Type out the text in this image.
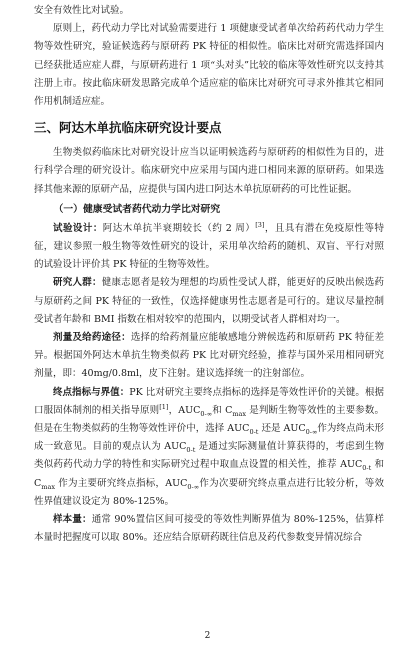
安全有效性比对试验。

原则上，药代动力学比对试验需要进行 1 项健康受试者单次给药药代动力学生物等效性研究，验证候选药与原研药 PK 特征的相似性。临床比对研究需选择国内已经获批适应症人群，与原研药进行 1 项“头对头”比较的临床等效性研究以支持其注册上市。按此临床研发思路完成单个适应症的临床比对研究可寻求外推其它相同作用机制适应症。

三、阿达木单抗临床研究设计要点

生物类似药临床比对研究设计应当以证明候选药与原研药的相似性为目的，进行科学合理的研究设计。临床研究中应采用与国内进口相同来源的原研药。如果选择其他来源的原研产品，应提供与国内进口阿达木单抗原研药的可比性证据。

（一）健康受试者药代动力学比对研究

试验设计：阿达木单抗半衰期较长（约 2 周）[3]，且具有潜在免疫原性等特征，建议参照一般生物等效性研究的设计，采用单次给药的随机、双盲、平行对照的试验设计评价其 PK 特征的生物等效性。

研究人群：健康志愿者是较为理想的均质性受试人群，能更好的反映出候选药与原研药之间 PK 特征的一致性，仅选择健康男性志愿者是可行的。建议尽量控制受试者年龄和 BMI 指数在相对较窄的范围内，以期受试者人群相对均一。

剂量及给药途径：选择的给药剂量应能敏感地分辨候选药和原研药 PK 特征差异。根据国外阿达木单抗生物类似药 PK 比对研究经验，推荐与国外采用相同研究剂量，即：40mg/0.8ml，皮下注射。建议选择统一的注射部位。

终点指标与界值：PK 比对研究主要终点指标的选择是等效性评价的关键。根据口服固体制剂的相关指导原则[1]，$AUC_{0-\infty}$和 $C_{max}$ 是判断生物等效性的主要参数。但是在生物类似药的生物等效性评价中，选择 $AUC_{0-t}$ 还是 $AUC_{0-\infty}$作为终点尚未形成一致意见。目前的观点认为 $AUC_{0-t}$ 是通过实际测量值计算获得的，考虑到生物类似药药代动力学的特性和实际研究过程中取血点设置的相关性，推荐 $AUC_{0-t}$ 和 $C_{max}$ 作为主要研究终点指标，$AUC_{0-\infty}$作为次要研究终点重点进行比较分析，等效性界值建议设定为 80%-125%。

样本量：通常 90%置信区间可接受的等效性判断界值为 80%-125%，估算样本量时把握度可以取 80%。还应结合原研药既往信息及药代参数变异情况综合

2
